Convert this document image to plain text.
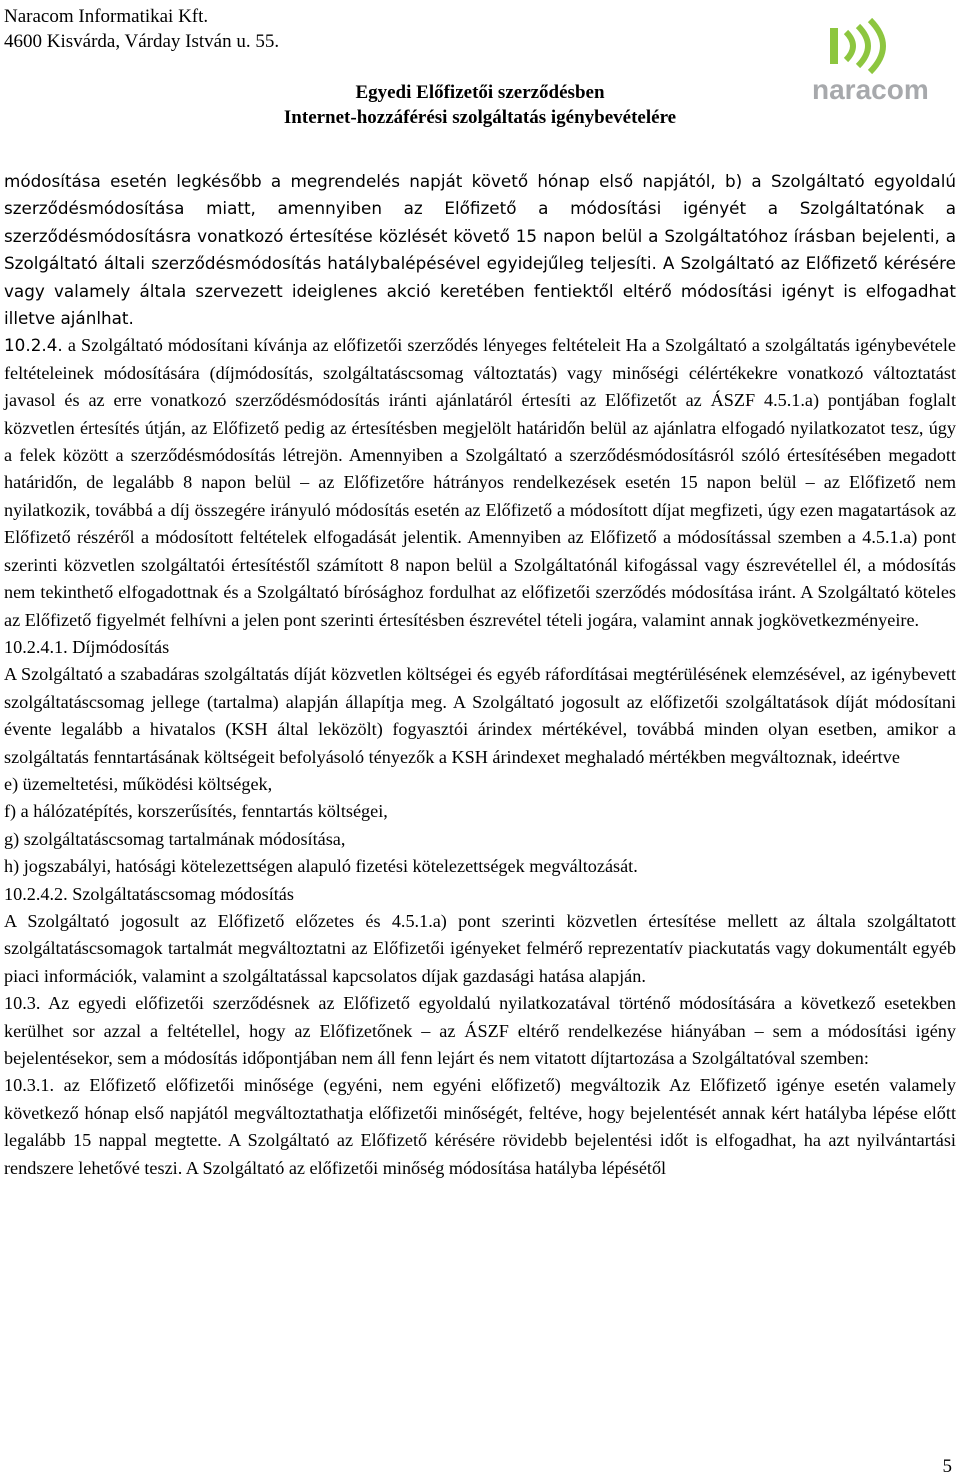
Naracom Informatikai Kft.
4600 Kisvárda, Várday István u. 55.
Egyedi Előfizetői szerződésben
Internet-hozzáférési szolgáltatás igénybevételére
naracom

módosítása esetén legkésőbb a megrendelés napját követő hónap első napjától, b) a Szolgáltató egyoldalú szerződésmódosítása miatt, amennyiben az Előfizető a módosítási igényét a Szolgáltatónak a szerződésmódosításra vonatkozó értesítése közlését követő 15 napon belül a Szolgáltatóhoz írásban bejelenti, a Szolgáltató általi szerződésmódosítás hatálybalépésével egyidejűleg teljesíti. A Szolgáltató az Előfizető kérésére vagy valamely általa szervezett ideiglenes akció keretében fentiektől eltérő módosítási igényt is elfogadhat illetve ajánlhat.

10.2.4. a Szolgáltató módosítani kívánja az előfizetői szerződés lényeges feltételeit Ha a Szolgáltató a szolgáltatás igénybevétele feltételeinek módosítására (díjmódosítás, szolgáltatáscsomag változtatás) vagy minőségi célértékekre vonatkozó változtatást javasol és az erre vonatkozó szerződésmódosítás iránti ajánlatáról értesíti az Előfizetőt az ÁSZF 4.5.1.a) pontjában foglalt közvetlen értesítés útján, az Előfizető pedig az értesítésben megjelölt határidőn belül az ajánlatra elfogadó nyilatkozatot tesz, úgy a felek között a szerződésmódosítás létrejön. Amennyiben a Szolgáltató a szerződésmódosításról szóló értesítésében megadott határidőn, de legalább 8 napon belül – az Előfizetőre hátrányos rendelkezések esetén 15 napon belül – az Előfizető nem nyilatkozik, továbbá a díj összegére irányuló módosítás esetén az Előfizető a módosított díjat megfizeti, úgy ezen magatartások az Előfizető részéről a módosított feltételek elfogadását jelentik. Amennyiben az Előfizető a módosítással szemben a 4.5.1.a) pont szerinti közvetlen szolgáltatói értesítéstől számított 8 napon belül a Szolgáltatónál kifogással vagy észrevétellel él, a módosítás nem tekinthető elfogadottnak és a Szolgáltató bírósághoz fordulhat az előfizetői szerződés módosítása iránt. A Szolgáltató köteles az Előfizető figyelmét felhívni a jelen pont szerinti értesítésben észrevétel tételi jogára, valamint annak jogkövetkezményeire.

10.2.4.1. Díjmódosítás

A Szolgáltató a szabadáras szolgáltatás díját közvetlen költségei és egyéb ráfordításai megtérülésének elemzésével, az igénybevett szolgáltatáscsomag jellege (tartalma) alapján állapítja meg. A Szolgáltató jogosult az előfizetői szolgáltatások díját módosítani évente legalább a hivatalos (KSH által leközölt) fogyasztói árindex mértékével, továbbá minden olyan esetben, amikor a szolgáltatás fenntartásának költségeit befolyásoló tényezők a KSH árindexet meghaladó mértékben megváltoznak, ideértve

e) üzemeltetési, működési költségek,

f) a hálózatépítés, korszerűsítés, fenntartás költségei,

g) szolgáltatáscsomag tartalmának módosítása,

h) jogszabályi, hatósági kötelezettségen alapuló fizetési kötelezettségek megváltozását.

10.2.4.2. Szolgáltatáscsomag módosítás

A Szolgáltató jogosult az Előfizető előzetes és 4.5.1.a) pont szerinti közvetlen értesítése mellett az általa szolgáltatott szolgáltatáscsomagok tartalmát megváltoztatni az Előfizetői igényeket felmérő reprezentatív piackutatás vagy dokumentált egyéb piaci információk, valamint a szolgáltatással kapcsolatos díjak gazdasági hatása alapján.

10.3. Az egyedi előfizetői szerződésnek az Előfizető egyoldalú nyilatkozatával történő módosítására a következő esetekben kerülhet sor azzal a feltétellel, hogy az Előfizetőnek – az ÁSZF eltérő rendelkezése hiányában – sem a módosítási igény bejelentésekor, sem a módosítás időpontjában nem áll fenn lejárt és nem vitatott díjtartozása a Szolgáltatóval szemben:

10.3.1. az Előfizető előfizetői minősége (egyéni, nem egyéni előfizető) megváltozik Az Előfizető igénye esetén valamely következő hónap első napjától megváltoztathatja előfizetői minőségét, feltéve, hogy bejelentését annak kért hatályba lépése előtt legalább 15 nappal megtette. A Szolgáltató az Előfizető kérésére rövidebb bejelentési időt is elfogadhat, ha azt nyilvántartási rendszere lehetővé teszi. A Szolgáltató az előfizetői minőség módosítása hatályba lépésétől

5
